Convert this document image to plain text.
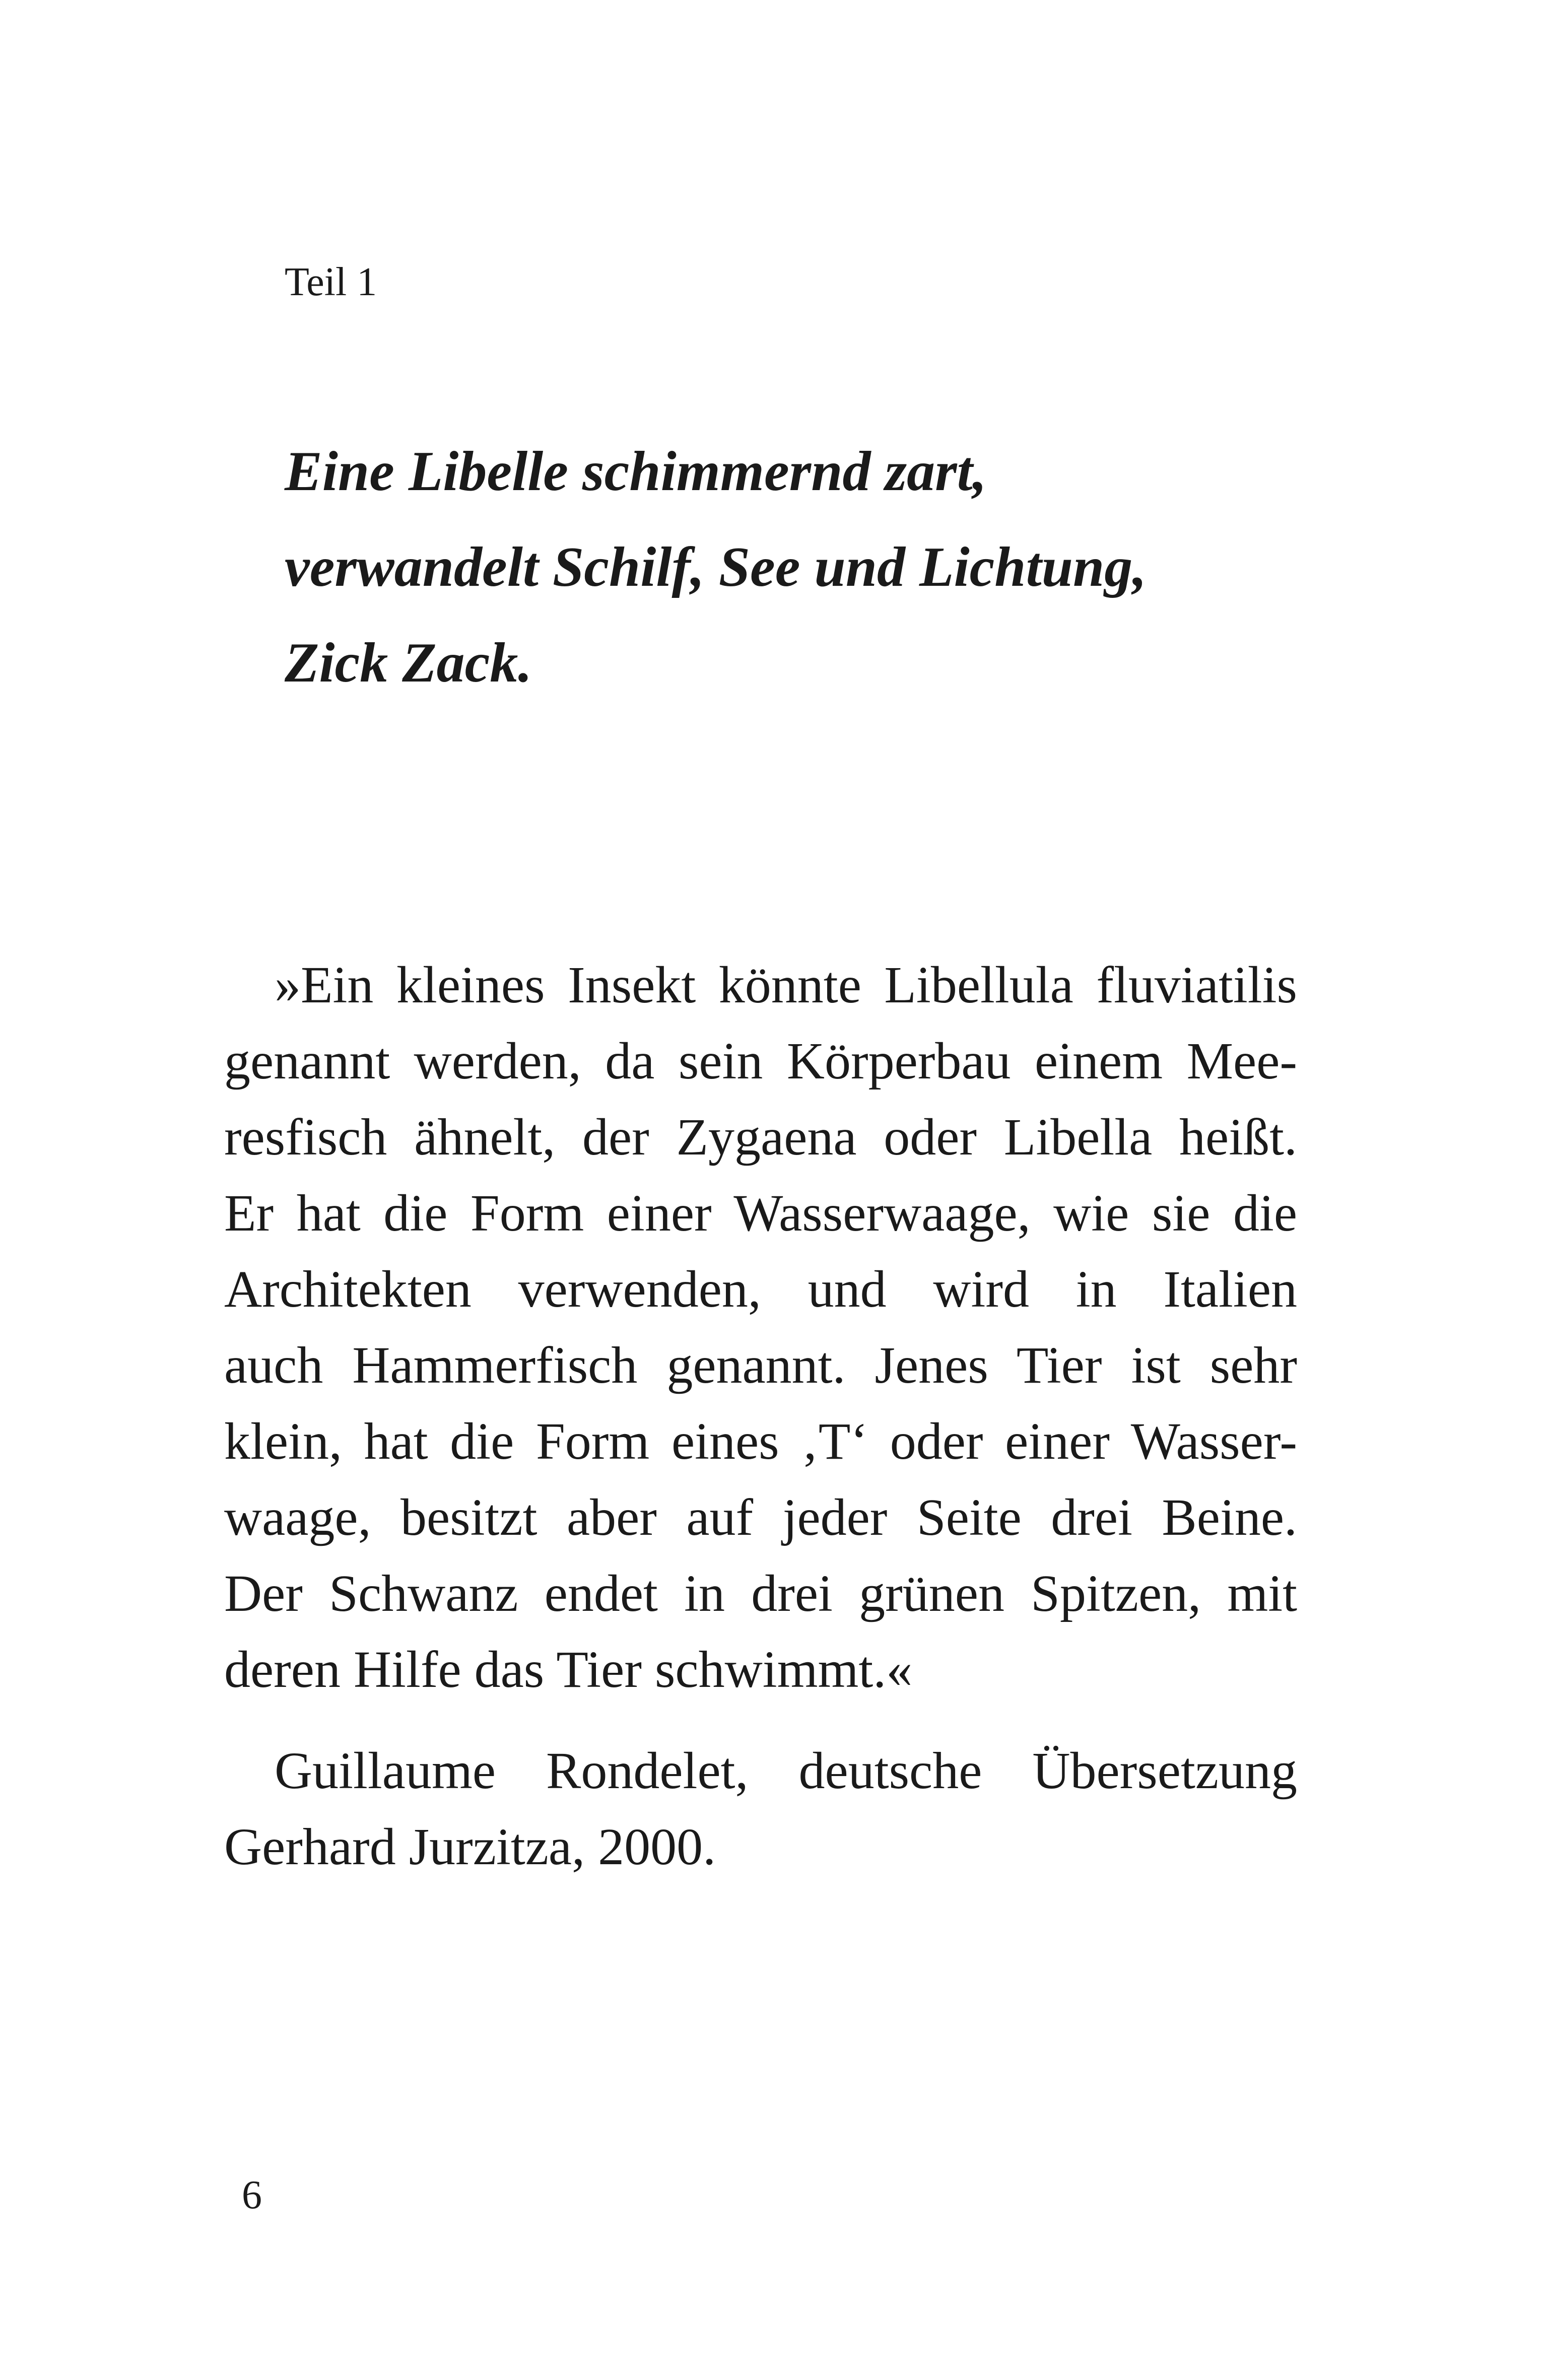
Teil 1

Eine Libelle schimmernd zart,
verwandelt Schilf, See und Lichtung,
Zick Zack.
»Ein kleines Insekt könnte Libellula fluviatilis
genannt werden, da sein Körperbau einem Mee-
resfisch ähnelt, der Zygaena oder Libella heißt.
Er hat die Form einer Wasserwaage, wie sie die
Architekten verwenden, und wird in Italien
auch Hammerfisch genannt. Jenes Tier ist sehr
klein, hat die Form eines ‚T‘ oder einer Wasser-
waage, besitzt aber auf jeder Seite drei Beine.
Der Schwanz endet in drei grünen Spitzen, mit
deren Hilfe das Tier schwimmt.«
Guillaume Rondelet, deutsche Übersetzung
Gerhard Jurzitza, 2000.

6
